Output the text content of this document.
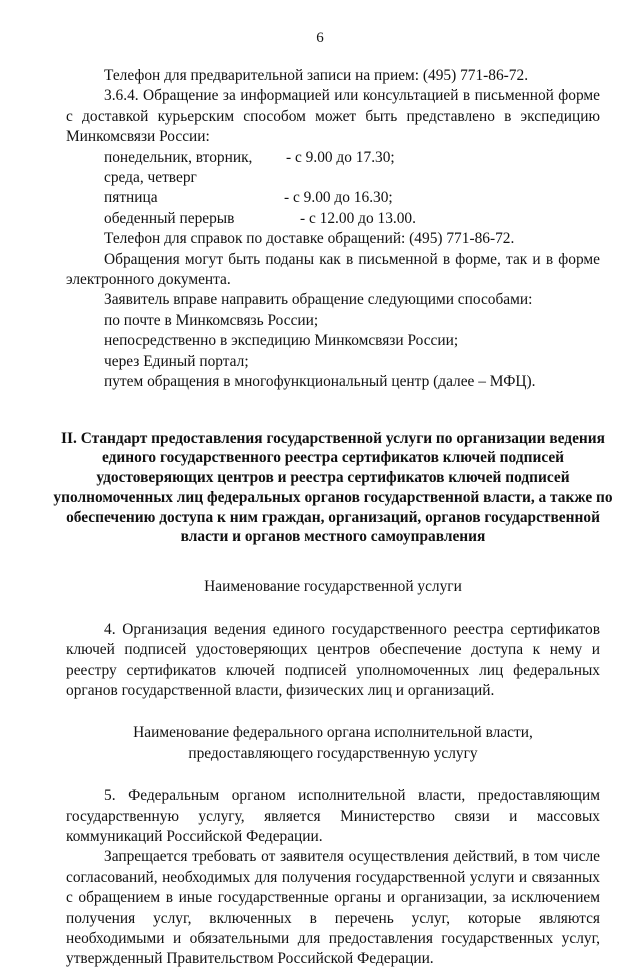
6

Телефон для предварительной записи на прием: (495) 771-86-72.

3.6.4. Обращение за информацией или консультацией в письменной форме с доставкой курьерским способом может быть представлено в экспедицию Минкомсвязи России:

понедельник, вторник, среда, четверг
- с 9.00 до 17.30;
пятница	- с 9.00 до 16.30;
обеденный перерыв	- с 12.00 до 13.00.

Телефон для справок по доставке обращений: (495) 771-86-72.

Обращения могут быть поданы как в письменной в форме, так и в форме электронного документа.

Заявитель вправе направить обращение следующими способами:

по почте в Минкомсвязь России;

непосредственно в экспедицию Минкомсвязи России;

через Единый портал;

путем обращения в многофункциональный центр (далее – МФЦ).

II. Стандарт предоставления государственной услуги по организации ведения единого государственного реестра сертификатов ключей подписей удостоверяющих центров и реестра сертификатов ключей подписей уполномоченных лиц федеральных органов государственной власти, а также по обеспечению доступа к ним граждан, организаций, органов государственной власти и органов местного самоуправления

Наименование государственной услуги

4. Организация ведения единого государственного реестра сертификатов ключей подписей удостоверяющих центров обеспечение доступа к нему и реестру сертификатов ключей подписей уполномоченных лиц федеральных органов государственной власти, физических лиц и организаций.

Наименование федерального органа исполнительной власти,

предоставляющего государственную услугу

5. Федеральным органом исполнительной власти, предоставляющим государственную услугу, является Министерство связи и массовых коммуникаций Российской Федерации.

Запрещается требовать от заявителя осуществления действий, в том числе согласований, необходимых для получения государственной услуги и связанных с обращением в иные государственные органы и организации, за исключением получения услуг, включенных в перечень услуг, которые являются необходимыми и обязательными для предоставления государственных услуг, утвержденный Правительством Российской Федерации.
